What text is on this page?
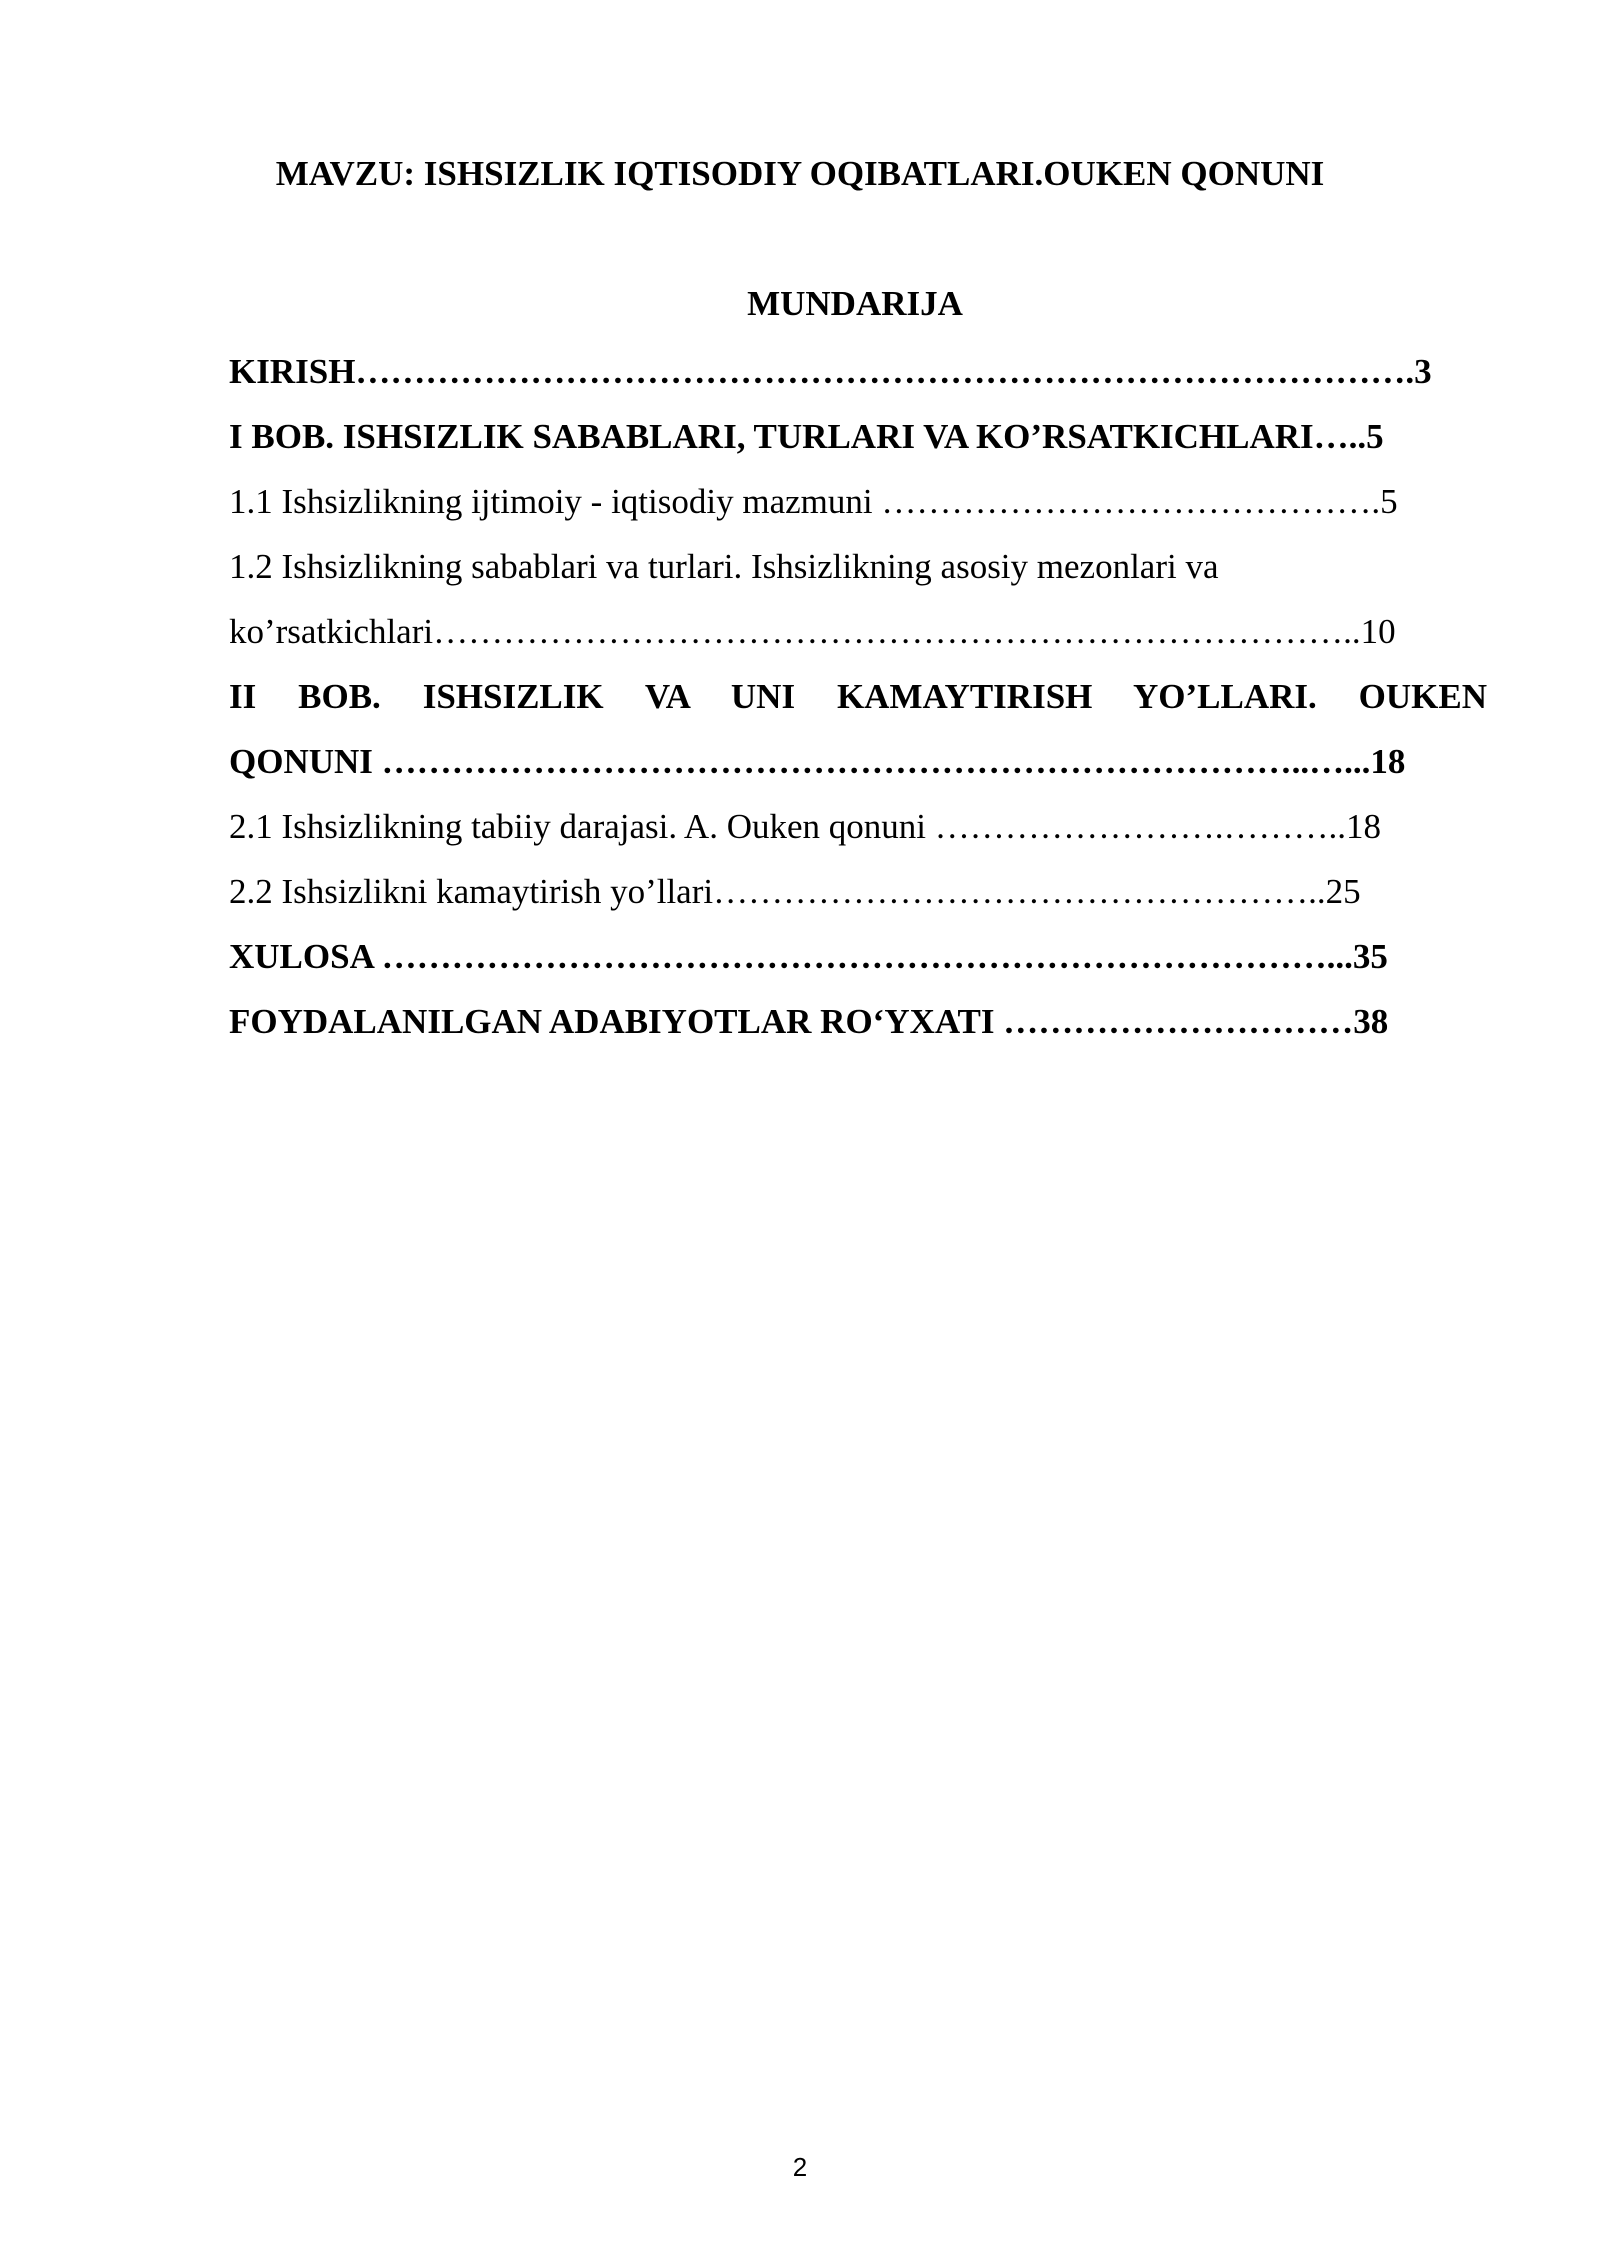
MAVZU: ISHSIZLIK IQTISODIY OQIBATLARI.OUKEN QONUNI
MUNDARIJA
KIRISH……………………………………………………………………………….3
I BOB. ISHSIZLIK SABABLARI, TURLARI VA KO’RSATKICHLARI…..5
1.1 Ishsizlikning ijtimoiy - iqtisodiy mazmuni …………………………………….5
1.2 Ishsizlikning sabablari va turlari. Ishsizlikning asosiy mezonlari va
ko’rsatkichlari……………………………………………………………………..10
II BOB. ISHSIZLIK VA UNI KAMAYTIRISH YO’LLARI. OUKEN
QONUNI ……………………………………………………………………..…...18
2.1 Ishsizlikning tabiiy darajasi. A. Ouken qonuni …………………….………..18
2.2 Ishsizlikni kamaytirish yo’llari……………………………………………..25
XULOSA ………………………………………………………………………...35
FOYDALANILGAN ADABIYOTLAR RO‘YXATI …………………………38
2
